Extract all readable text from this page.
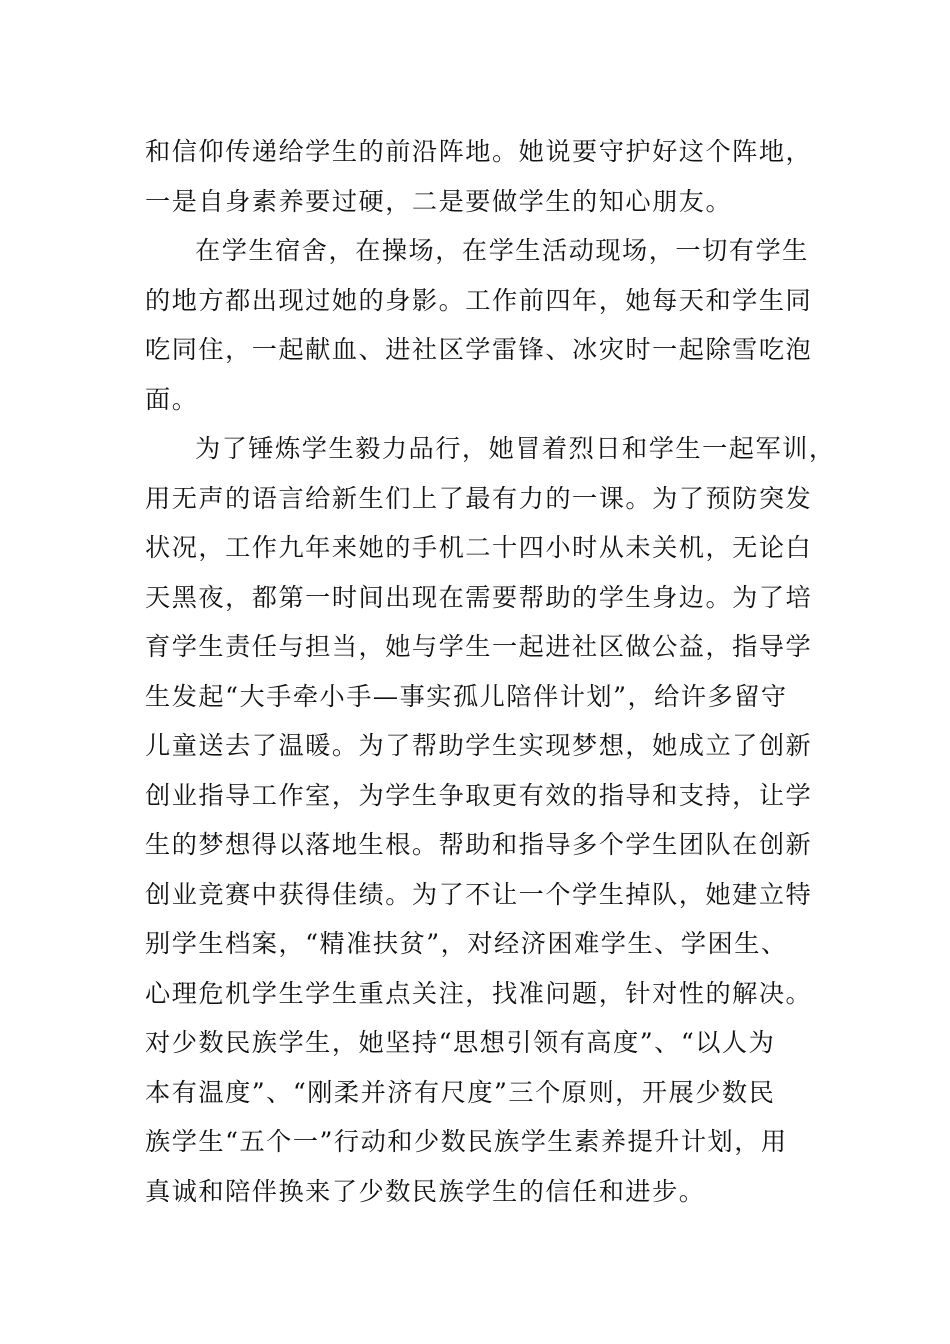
和信仰传递给学生的前沿阵地。她说要守护好这个阵地，
一是自身素养要过硬，二是要做学生的知心朋友。
在学生宿舍，在操场，在学生活动现场，一切有学生
的地方都出现过她的身影。工作前四年，她每天和学生同
吃同住，一起献血、进社区学雷锋、冰灾时一起除雪吃泡
面。
为了锤炼学生毅力品行，她冒着烈日和学生一起军训，
用无声的语言给新生们上了最有力的一课。为了预防突发
状况，工作九年来她的手机二十四小时从未关机，无论白
天黑夜，都第一时间出现在需要帮助的学生身边。为了培
育学生责任与担当，她与学生一起进社区做公益，指导学
生发起“大手牵小手—事实孤儿陪伴计划”，给许多留守
儿童送去了温暖。为了帮助学生实现梦想，她成立了创新
创业指导工作室，为学生争取更有效的指导和支持，让学
生的梦想得以落地生根。帮助和指导多个学生团队在创新
创业竞赛中获得佳绩。为了不让一个学生掉队，她建立特
别学生档案，“精准扶贫”，对经济困难学生、学困生、
心理危机学生学生重点关注，找准问题，针对性的解决。
对少数民族学生，她坚持“思想引领有高度”、“以人为
本有温度”、“刚柔并济有尺度”三个原则，开展少数民
族学生“五个一”行动和少数民族学生素养提升计划，用
真诚和陪伴换来了少数民族学生的信任和进步。
